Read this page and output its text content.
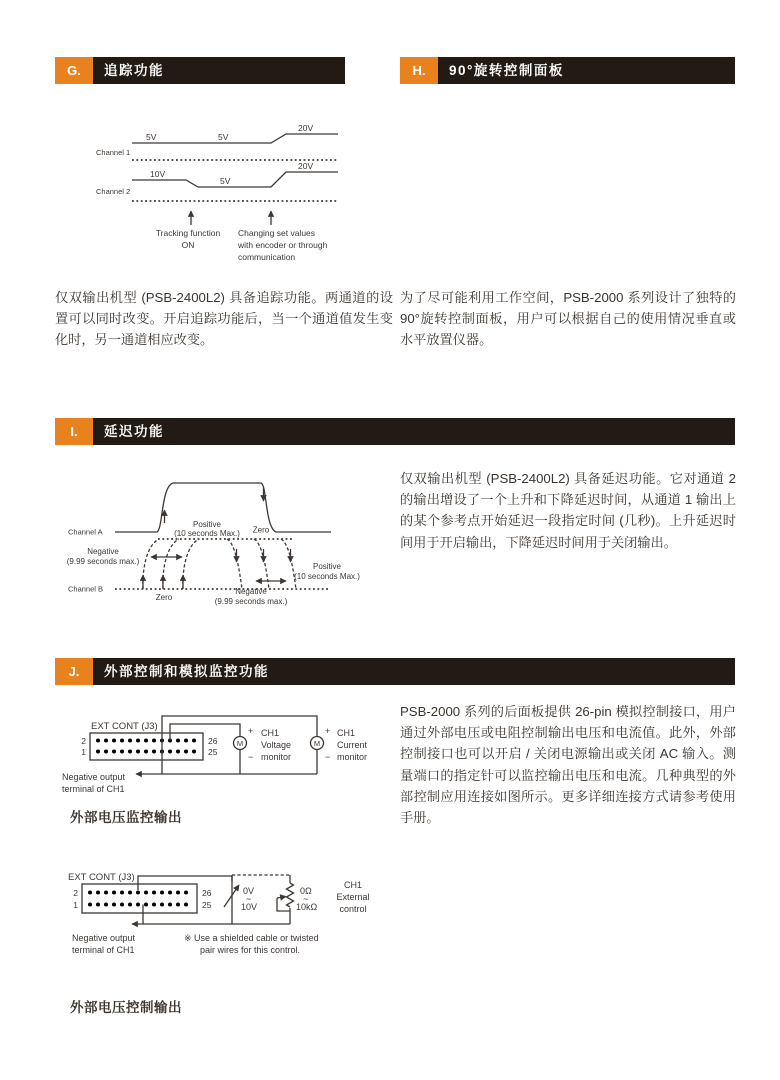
G.	追踪功能	H.	90°旋转控制面板
5V	5V
20V
10V
5V
20V
Channel 1
Channel 2
Tracking function
ON
Changing set values
with encoder or through
communication
仅双输出机型 (PSB-2400L2) 具备追踪功能。两通道的设置可以同时改变。开启追踪功能后，当一个通道值发生变化时，另一通道相应改变。
为了尽可能利用工作空间，PSB-2000 系列设计了独特的 90°旋转控制面板，用户可以根据自己的使用情况垂直或水平放置仪器。
I.	延迟功能
Channel A
Channel B
Positive
(10 seconds Max.) Zero
Negative
(9.99 seconds max.)
Zero
Negative
(9.99 seconds max.)
Positive
(10 seconds Max.)
仅双输出机型 (PSB-2400L2) 具备延迟功能。它对通道 2 的输出增设了一个上升和下降延迟时间，从通道 1 输出上的某个参考点开始延迟一段指定时间 (几秒)。上升延迟时间用于开启输出，下降延迟时间用于关闭输出。
J.	外部控制和模拟监控功能
EXT CONT (J3)
2
1
26
25
M
+
−
M
+
−
CH1
Voltage
monitor
CH1
Current
monitor
Negative output
terminal of CH1
PSB-2000 系列的后面板提供 26-pin 模拟控制接口，用户通过外部电压或电阻控制输出电压和电流值。此外，外部控制接口也可以开启 / 关闭电源输出或关闭 AC 输入。测量端口的指定针可以监控输出电压和电流。几种典型的外部控制应用连接如图所示。更多详细连接方式请参考使用手册。
外部电压监控输出
EXT CONT (J3)
2
1
26
25
0V
~
10V
0Ω
~
10kΩ
CH1
External
control
Negative output
terminal of CH1
※ Use a shielded cable or twisted
pair wires for this control.
外部电压控制输出
